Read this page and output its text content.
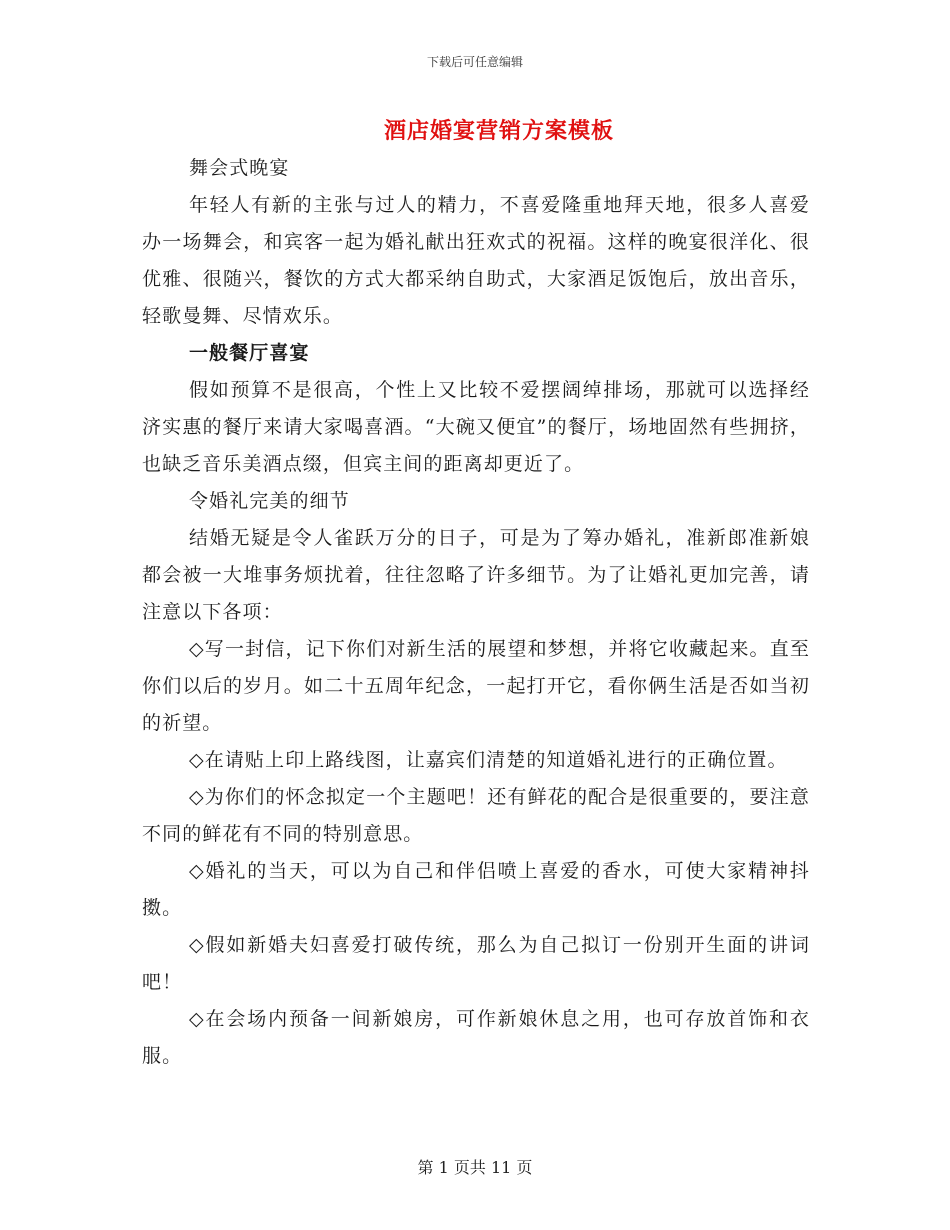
下载后可任意编辑
酒店婚宴营销方案模板

舞会式晚宴

年轻人有新的主张与过人的精力，不喜爱隆重地拜天地，很多人喜爱办一场舞会，和宾客一起为婚礼献出狂欢式的祝福。这样的晚宴很洋化、很优雅、很随兴，餐饮的方式大都采纳自助式，大家酒足饭饱后，放出音乐，轻歌曼舞、尽情欢乐。

一般餐厅喜宴

假如预算不是很高，个性上又比较不爱摆阔绰排场，那就可以选择经济实惠的餐厅来请大家喝喜酒。“大碗又便宜”的餐厅，场地固然有些拥挤，也缺乏音乐美酒点缀，但宾主间的距离却更近了。

令婚礼完美的细节

结婚无疑是令人雀跃万分的日子，可是为了筹办婚礼，准新郎准新娘都会被一大堆事务烦扰着，往往忽略了许多细节。为了让婚礼更加完善，请注意以下各项：

◇写一封信，记下你们对新生活的展望和梦想，并将它收藏起来。直至你们以后的岁月。如二十五周年纪念，一起打开它，看你俩生活是否如当初的祈望。

◇在请贴上印上路线图，让嘉宾们清楚的知道婚礼进行的正确位置。

◇为你们的怀念拟定一个主题吧！还有鲜花的配合是很重要的，要注意不同的鲜花有不同的特别意思。

◇婚礼的当天，可以为自己和伴侣喷上喜爱的香水，可使大家精神抖擞。

◇假如新婚夫妇喜爱打破传统，那么为自己拟订一份别开生面的讲词吧！

◇在会场内预备一间新娘房，可作新娘休息之用，也可存放首饰和衣服。

第 1 页共 11 页
